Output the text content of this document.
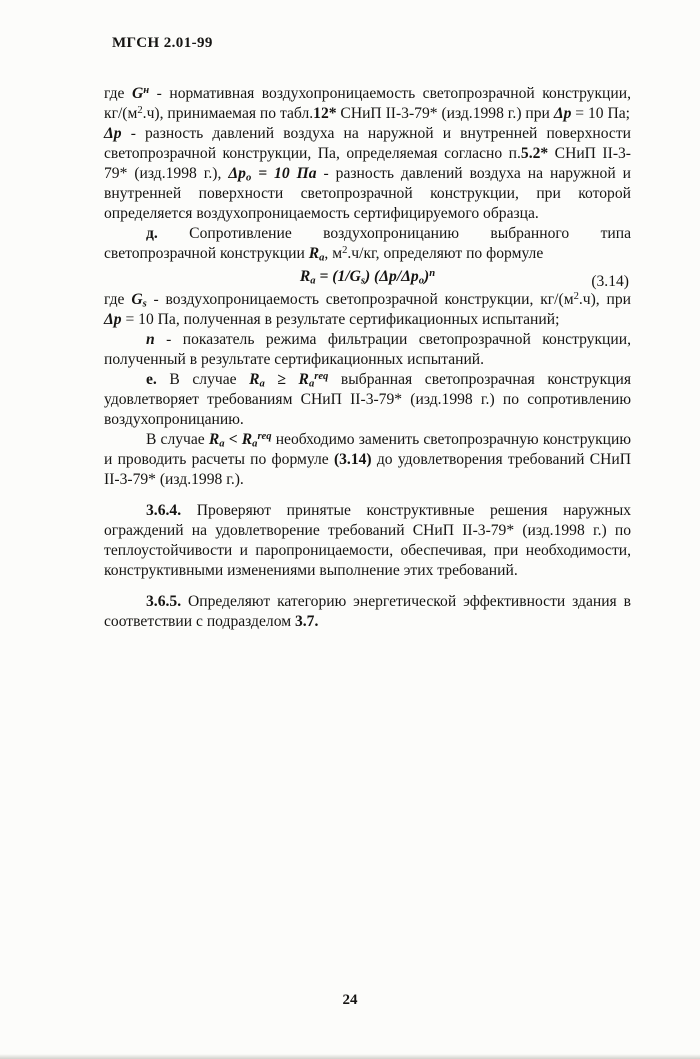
МГСН 2.01-99

где $G^н$ - нормативная воздухопроницаемость светопрозрачной конструкции, $кг/(м^2.ч)$, принимаемая по табл.12* СНиП II-3-79* (изд.1998 г.) при Δp = 10 Па;

Δp - разность давлений воздуха на наружной и внутренней поверхности светопрозрачной конструкции, Па, определяемая согласно п.5.2* СНиП II-3-79* (изд.1998 г.), $\Delta p_о = 10$ Па - разность давлений воздуха на наружной и внутренней поверхности светопрозрачной конструкции, при которой определяется воздухопроницаемость сертифицируемого образца.

д. Сопротивление воздухопроницанию выбранного типа светопрозрачной конструкции $R_a$, $м^2.ч/кг$, определяют по формуле

$R_a = (1/G_s)$ $(\Delta p/\Delta p_o)^n$	(3.14)

где $G_s$ - воздухопроницаемость светопрозрачной конструкции, $кг/(м^2.ч)$, при Δp = 10 Па, полученная в результате сертификационных испытаний;

n - показатель режима фильтрации светопрозрачной конструкции, полученный в результате сертификационных испытаний.

е. В случае $R_a \ge R_a^{req}$ выбранная светопрозрачная конструкция удовлетворяет требованиям СНиП II-3-79* (изд.1998 г.) по сопротивлению воздухопроницанию.

В случае $R_a < R_a^{req}$ необходимо заменить светопрозрачную конструкцию и проводить расчеты по формуле (3.14) до удовлетворения требований СНиП II-3-79* (изд.1998 г.).

3.6.4. Проверяют принятые конструктивные решения наружных ограждений на удовлетворение требований СНиП II-3-79* (изд.1998 г.) по теплоустойчивости и паропроницаемости, обеспечивая, при необходимости, конструктивными изменениями выполнение этих требований.

3.6.5. Определяют категорию энергетической эффективности здания в соответствии с подразделом 3.7.

24
